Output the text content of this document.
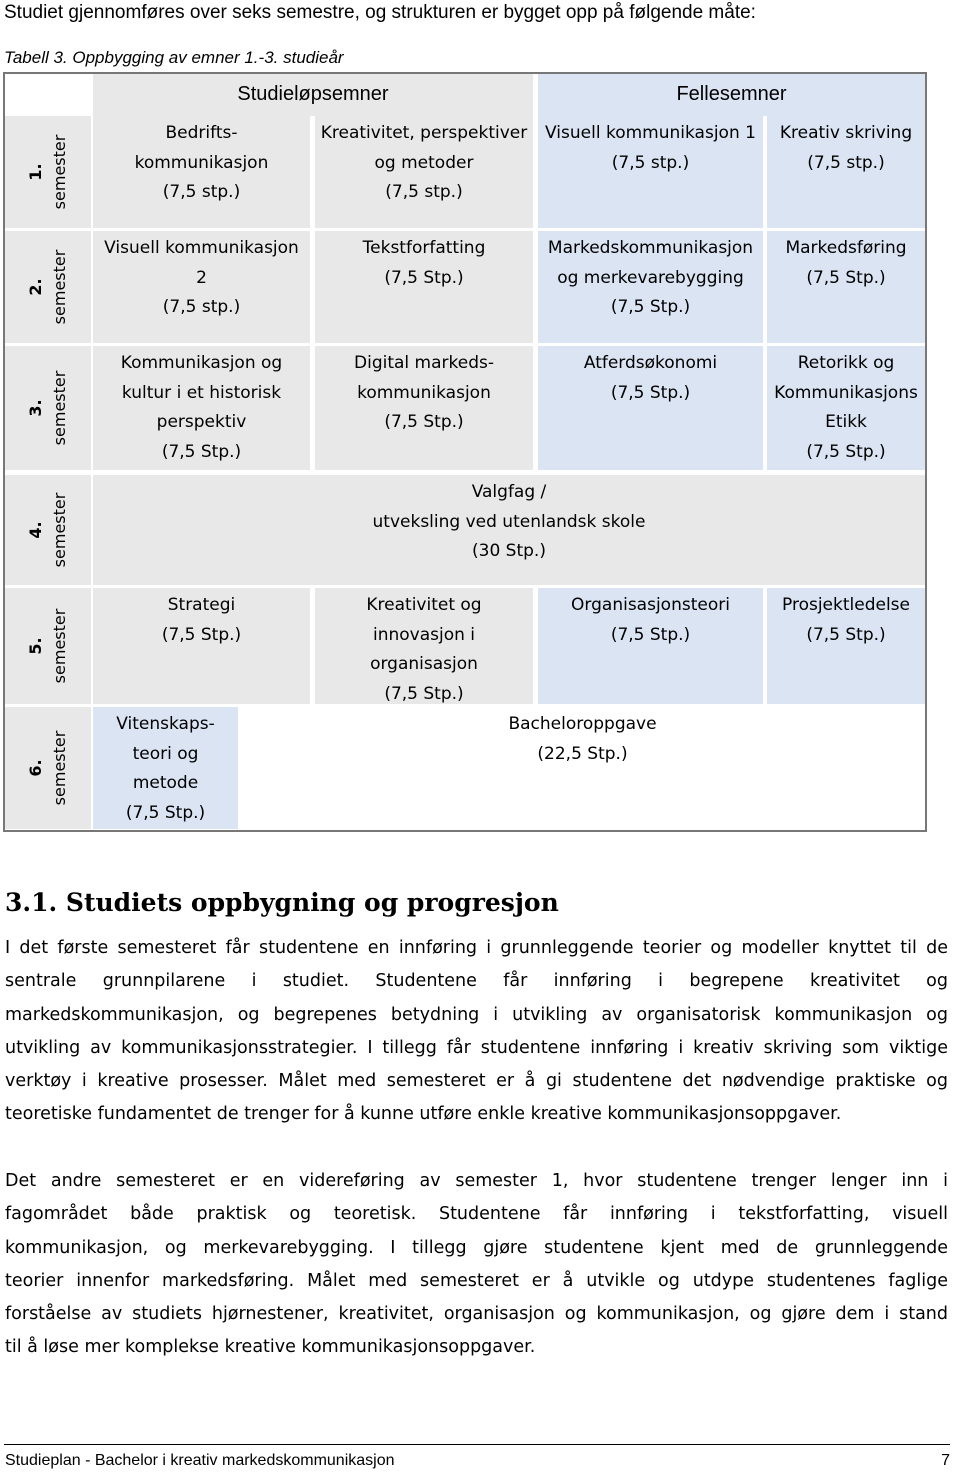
Studiet gjennomføres over seks semestre, og strukturen er bygget opp på følgende måte:
Tabell 3. Oppbygging av emner 1.-3. studieår
Studieløpsemner	Fellesemner
1. semester
2. semester
3. semester
4. semester
5. semester
6. semester
Bedrifts-
kommunikasjon
(7,5 stp.)
Kreativitet, perspektiver
og metoder
(7,5 stp.)
Visuell kommunikasjon 1
(7,5 stp.)
Kreativ skriving
(7,5 stp.)
Visuell kommunikasjon
2
(7,5 stp.)
Tekstforfatting
(7,5 Stp.)
Markedskommunikasjon
og merkevarebygging
(7,5 Stp.)
Markedsføring
(7,5 Stp.)
Kommunikasjon og
kultur i et historisk
perspektiv
(7,5 Stp.)
Digital markeds-
kommunikasjon
(7,5 Stp.)
Atferdsøkonomi
(7,5 Stp.)
Retorikk og
Kommunikasjons
Etikk
(7,5 Stp.)
Valgfag /
utveksling ved utenlandsk skole
(30 Stp.)
Strategi
(7,5 Stp.)
Kreativitet og
innovasjon i
organisasjon
(7,5 Stp.)
Organisasjonsteori
(7,5 Stp.)
Prosjektledelse
(7,5 Stp.)
Vitenskaps-
teori og
metode
(7,5 Stp.)
Bacheloroppgave
(22,5 Stp.)
3.1. Studiets oppbygning og progresjon
I det første semesteret får studentene en innføring i grunnleggende teorier og modeller knyttet til de
sentrale grunnpilarene i studiet. Studentene får innføring i begrepene kreativitet og
markedskommunikasjon, og begrepenes betydning i utvikling av organisatorisk kommunikasjon og
utvikling av kommunikasjonsstrategier. I tillegg får studentene innføring i kreativ skriving som viktige
verktøy i kreative prosesser. Målet med semesteret er å gi studentene det nødvendige praktiske og
teoretiske fundamentet de trenger for å kunne utføre enkle kreative kommunikasjonsoppgaver.
Det andre semesteret er en videreføring av semester 1, hvor studentene trenger lenger inn i
fagområdet både praktisk og teoretisk. Studentene får innføring i tekstforfatting, visuell
kommunikasjon, og merkevarebygging. I tillegg gjøre studentene kjent med de grunnleggende
teorier innenfor markedsføring. Målet med semesteret er å utvikle og utdype studentenes faglige
forståelse av studiets hjørnestener, kreativitet, organisasjon og kommunikasjon, og gjøre dem i stand
til å løse mer komplekse kreative kommunikasjonsoppgaver.
Studieplan - Bachelor i kreativ markedskommunikasjon	7
